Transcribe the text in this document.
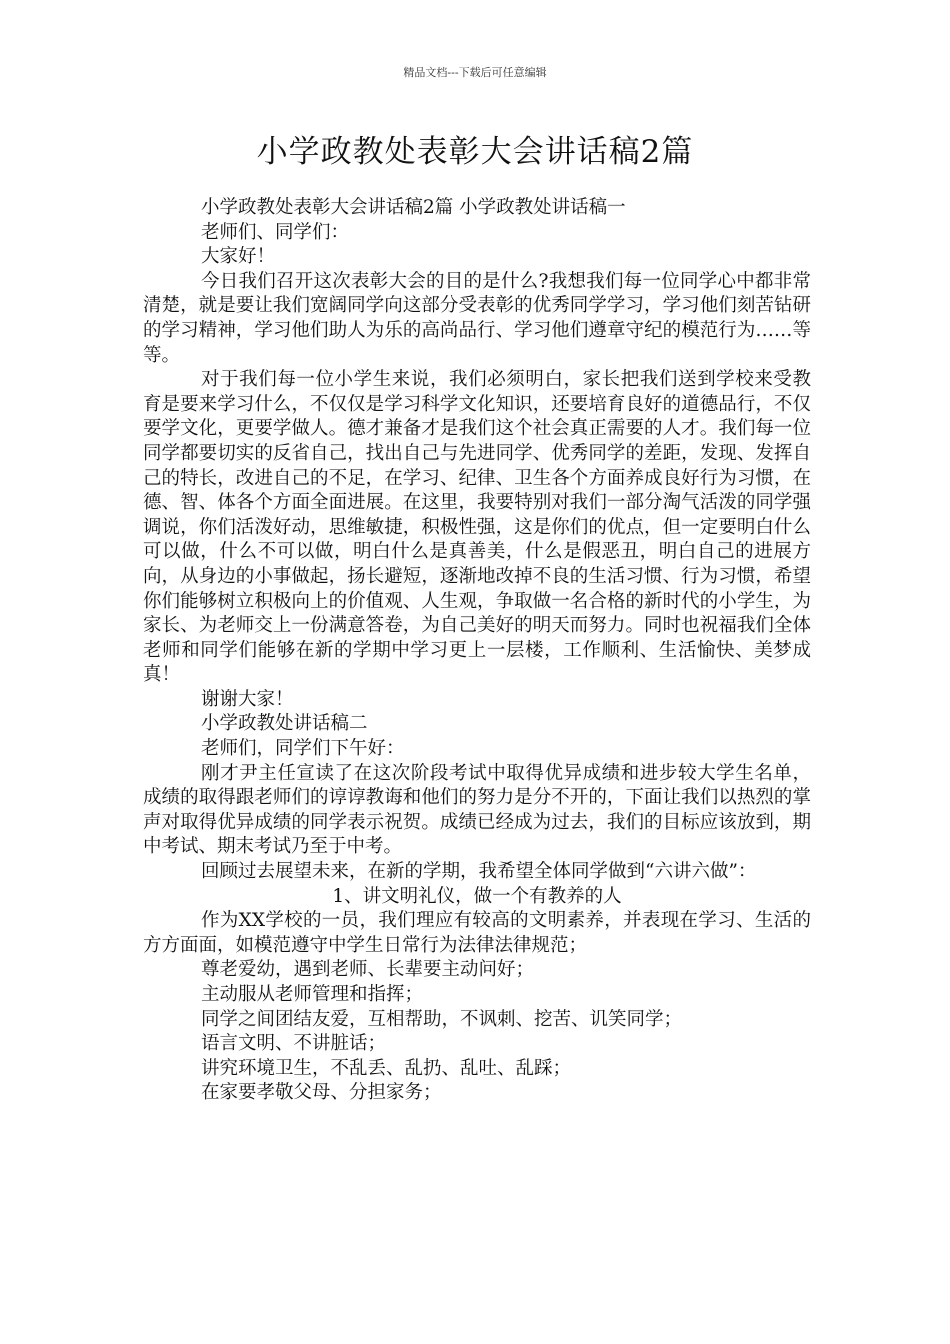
精品文档---下载后可任意编辑
小学政教处表彰大会讲话稿2篇

小学政教处表彰大会讲话稿2篇 小学政教处讲话稿一

老师们、同学们：

大家好！

今日我们召开这次表彰大会的目的是什么?我想我们每一位同学心中都非常清楚，就是要让我们宽阔同学向这部分受表彰的优秀同学学习，学习他们刻苦钻研的学习精神，学习他们助人为乐的高尚品行、学习他们遵章守纪的模范行为……等等。

对于我们每一位小学生来说，我们必须明白，家长把我们送到学校来受教育是要来学习什么，不仅仅是学习科学文化知识，还要培育良好的道德品行，不仅要学文化，更要学做人。德才兼备才是我们这个社会真正需要的人才。我们每一位同学都要切实的反省自己，找出自己与先进同学、优秀同学的差距，发现、发挥自己的特长，改进自己的不足，在学习、纪律、卫生各个方面养成良好行为习惯，在德、智、体各个方面全面进展。在这里，我要特别对我们一部分淘气活泼的同学强调说，你们活泼好动，思维敏捷，积极性强，这是你们的优点，但一定要明白什么可以做，什么不可以做，明白什么是真善美，什么是假恶丑，明白自己的进展方向，从身边的小事做起，扬长避短，逐渐地改掉不良的生活习惯、行为习惯，希望你们能够树立积极向上的价值观、人生观，争取做一名合格的新时代的小学生，为家长、为老师交上一份满意答卷，为自己美好的明天而努力。同时也祝福我们全体老师和同学们能够在新的学期中学习更上一层楼，工作顺利、生活愉快、美梦成真！

谢谢大家！

小学政教处讲话稿二

老师们，同学们下午好：

刚才尹主任宣读了在这次阶段考试中取得优异成绩和进步较大学生名单，成绩的取得跟老师们的谆谆教诲和他们的努力是分不开的，下面让我们以热烈的掌声对取得优异成绩的同学表示祝贺。成绩已经成为过去，我们的目标应该放到，期中考试、期末考试乃至于中考。

回顾过去展望未来，在新的学期，我希望全体同学做到“六讲六做”：

1、讲文明礼仪，做一个有教养的人

作为XX学校的一员，我们理应有较高的文明素养，并表现在学习、生活的方方面面，如模范遵守中学生日常行为法律法律规范；

尊老爱幼，遇到老师、长辈要主动问好；

主动服从老师管理和指挥；

同学之间团结友爱，互相帮助，不讽刺、挖苦、讥笑同学；

语言文明、不讲脏话；

讲究环境卫生，不乱丢、乱扔、乱吐、乱踩；

在家要孝敬父母、分担家务；
